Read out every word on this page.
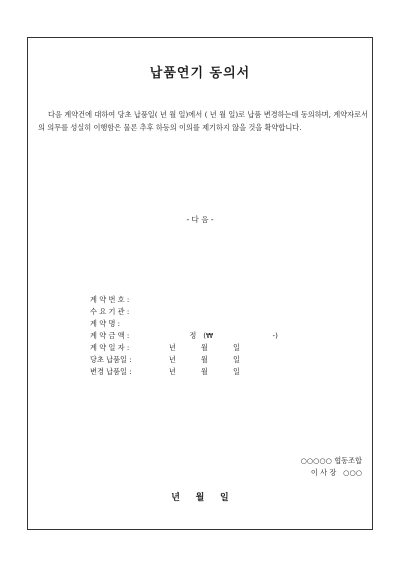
납품연기 동의서

다음 계약건에 대하여 당초 납품일( 년 월 일)에서 ( 년 월 일)로 납품 변경하는데 동의하며, 계약자로서의 의무를 성실히 이행함은 물론 추후 하등의 이의를 제기하지 않을 것을 확약합니다.

- 다 음 -
계 약 번 호 :
수 요 기 관 :
계 약 명 :
계 약 금 액 : 정   (₩                          -)
계 약 일 자 : 년           월           일
당초 납품일 : 년           월           일
변경 납품일 : 년           월           일
○○○○○ 협동조합
이 사 장   ○○○
년     월     일
